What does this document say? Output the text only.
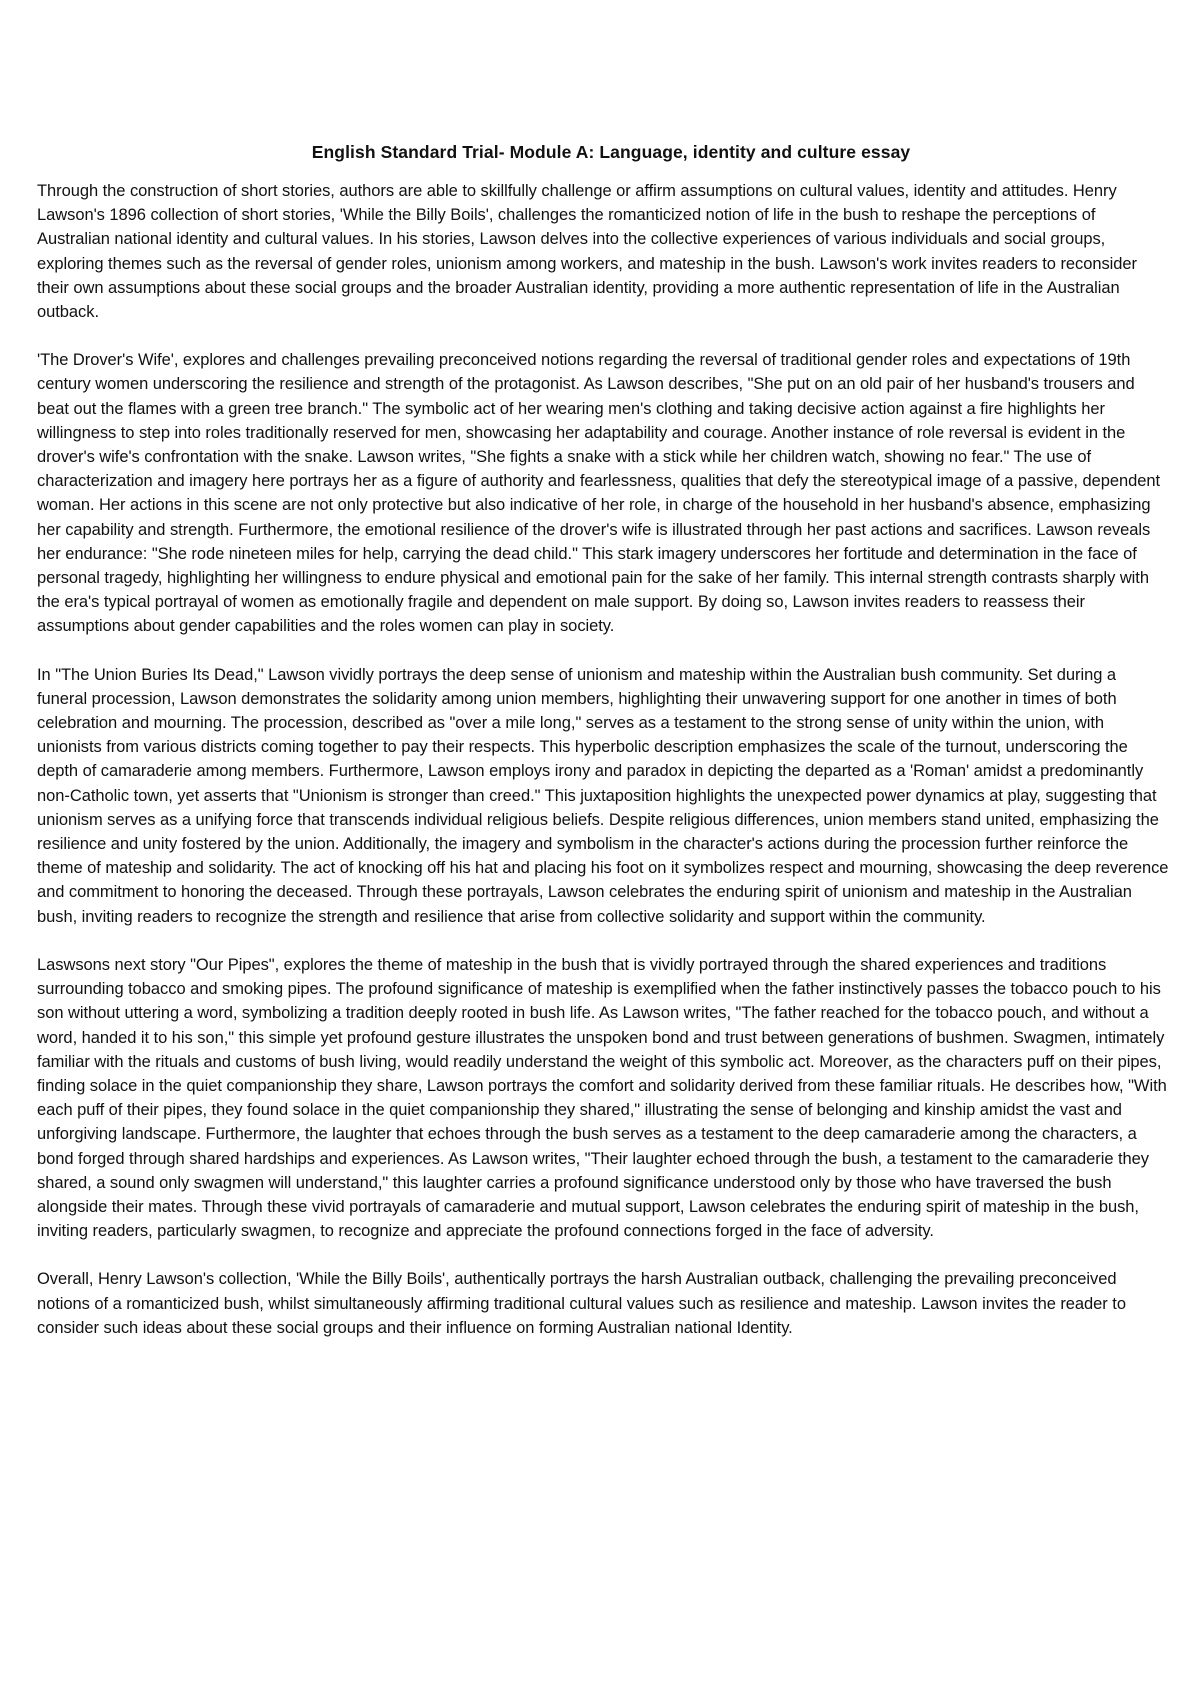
English Standard Trial- Module A: Language, identity and culture essay

Through the construction of short stories, authors are able to skillfully challenge or affirm assumptions on cultural values, identity and attitudes. Henry Lawson's 1896 collection of short stories, 'While the Billy Boils', challenges the romanticized notion of life in the bush to reshape the perceptions of Australian national identity and cultural values. In his stories, Lawson delves into the collective experiences of various individuals and social groups, exploring themes such as the reversal of gender roles, unionism among workers, and mateship in the bush. Lawson's work invites readers to reconsider their own assumptions about these social groups and the broader Australian identity, providing a more authentic representation of life in the Australian outback.

'The Drover's Wife', explores and challenges prevailing preconceived notions regarding the reversal of traditional gender roles and expectations of 19th century women underscoring the resilience and strength of the protagonist. As Lawson describes, "She put on an old pair of her husband's trousers and beat out the flames with a green tree branch." The symbolic act of her wearing men's clothing and taking decisive action against a fire highlights her willingness to step into roles traditionally reserved for men, showcasing her adaptability and courage. Another instance of role reversal is evident in the drover's wife's confrontation with the snake. Lawson writes, "She fights a snake with a stick while her children watch, showing no fear." The use of characterization and imagery here portrays her as a figure of authority and fearlessness, qualities that defy the stereotypical image of a passive, dependent woman. Her actions in this scene are not only protective but also indicative of her role, in charge of the household in her husband's absence, emphasizing her capability and strength. Furthermore, the emotional resilience of the drover's wife is illustrated through her past actions and sacrifices. Lawson reveals her endurance: "She rode nineteen miles for help, carrying the dead child." This stark imagery underscores her fortitude and determination in the face of personal tragedy, highlighting her willingness to endure physical and emotional pain for the sake of her family. This internal strength contrasts sharply with the era's typical portrayal of women as emotionally fragile and dependent on male support. By doing so, Lawson invites readers to reassess their assumptions about gender capabilities and the roles women can play in society.

In "The Union Buries Its Dead," Lawson vividly portrays the deep sense of unionism and mateship within the Australian bush community. Set during a funeral procession, Lawson demonstrates the solidarity among union members, highlighting their unwavering support for one another in times of both celebration and mourning. The procession, described as "over a mile long," serves as a testament to the strong sense of unity within the union, with unionists from various districts coming together to pay their respects. This hyperbolic description emphasizes the scale of the turnout, underscoring the depth of camaraderie among members. Furthermore, Lawson employs irony and paradox in depicting the departed as a 'Roman' amidst a predominantly non-Catholic town, yet asserts that "Unionism is stronger than creed." This juxtaposition highlights the unexpected power dynamics at play, suggesting that unionism serves as a unifying force that transcends individual religious beliefs. Despite religious differences, union members stand united, emphasizing the resilience and unity fostered by the union. Additionally, the imagery and symbolism in the character's actions during the procession further reinforce the theme of mateship and solidarity. The act of knocking off his hat and placing his foot on it symbolizes respect and mourning, showcasing the deep reverence and commitment to honoring the deceased. Through these portrayals, Lawson celebrates the enduring spirit of unionism and mateship in the Australian bush, inviting readers to recognize the strength and resilience that arise from collective solidarity and support within the community.

Laswsons next story "Our Pipes", explores the theme of mateship in the bush that is vividly portrayed through the shared experiences and traditions surrounding tobacco and smoking pipes. The profound significance of mateship is exemplified when the father instinctively passes the tobacco pouch to his son without uttering a word, symbolizing a tradition deeply rooted in bush life. As Lawson writes, "The father reached for the tobacco pouch, and without a word, handed it to his son," this simple yet profound gesture illustrates the unspoken bond and trust between generations of bushmen. Swagmen, intimately familiar with the rituals and customs of bush living, would readily understand the weight of this symbolic act. Moreover, as the characters puff on their pipes, finding solace in the quiet companionship they share, Lawson portrays the comfort and solidarity derived from these familiar rituals. He describes how, "With each puff of their pipes, they found solace in the quiet companionship they shared," illustrating the sense of belonging and kinship amidst the vast and unforgiving landscape. Furthermore, the laughter that echoes through the bush serves as a testament to the deep camaraderie among the characters, a bond forged through shared hardships and experiences. As Lawson writes, "Their laughter echoed through the bush, a testament to the camaraderie they shared, a sound only swagmen will understand," this laughter carries a profound significance understood only by those who have traversed the bush alongside their mates. Through these vivid portrayals of camaraderie and mutual support, Lawson celebrates the enduring spirit of mateship in the bush, inviting readers, particularly swagmen, to recognize and appreciate the profound connections forged in the face of adversity.

Overall, Henry Lawson's collection, 'While the Billy Boils', authentically portrays the harsh Australian outback, challenging the prevailing preconceived notions of a romanticized bush, whilst simultaneously affirming traditional cultural values such as resilience and mateship. Lawson invites the reader to consider such ideas about these social groups and their influence on forming Australian national Identity.
